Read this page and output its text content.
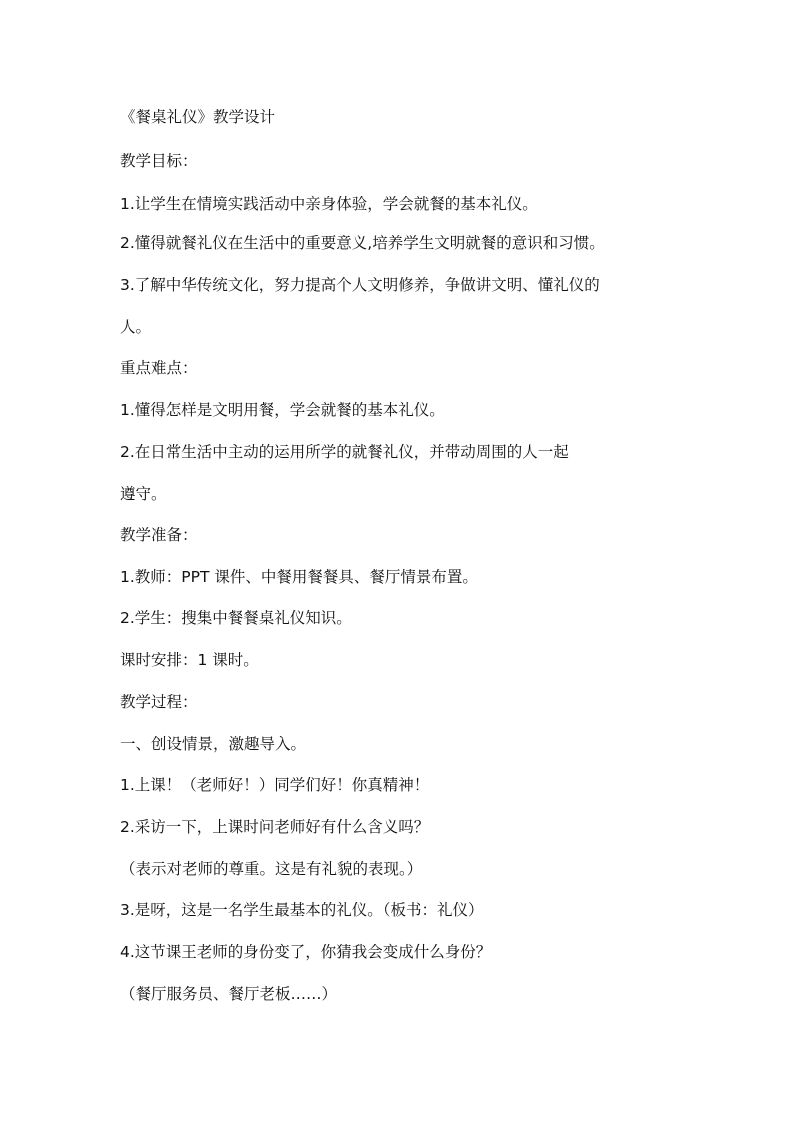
《餐桌礼仪》教学设计
教学目标：
1.让学生在情境实践活动中亲身体验，学会就餐的基本礼仪。
2.懂得就餐礼仪在生活中的重要意义,培养学生文明就餐的意识和习惯。
3.了解中华传统文化，努力提高个人文明修养，争做讲文明、懂礼仪的
人。
重点难点：
1.懂得怎样是文明用餐，学会就餐的基本礼仪。
2.在日常生活中主动的运用所学的就餐礼仪，并带动周围的人一起
遵守。
教学准备：
1.教师：PPT 课件、中餐用餐餐具、餐厅情景布置。
2.学生：搜集中餐餐桌礼仪知识。
课时安排：1 课时。
教学过程：
一、创设情景，激趣导入。
1.上课！（老师好！）同学们好！你真精神！
2.采访一下，上课时问老师好有什么含义吗？
（表示对老师的尊重。这是有礼貌的表现。）
3.是呀，这是一名学生最基本的礼仪。（板书：礼仪）
4.这节课王老师的身份变了，你猜我会变成什么身份？
（餐厅服务员、餐厅老板……）
